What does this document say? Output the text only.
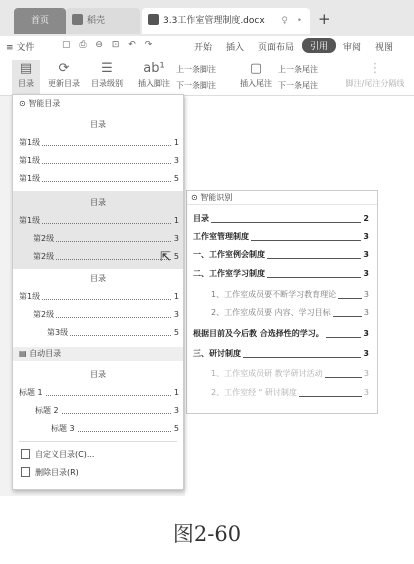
首页	稻壳	3.3工作室管理制度.docx ♀ • +
≡ 文件	▢ ⎙ ⊖ ⊡ ↶ ↷	开始 插入 页面布局	引用	审阅 视图
▤
目录
⟳
更新目录
☰
目录级别
ab¹
插入脚注
上一条脚注
下一条脚注
▢
插入尾注
上一条尾注
下一条尾注
⋮
脚注/尾注分隔线
⊙ 智能识别
目录	2
工作室管理制度	3
一、工作室例会制度	3
二、工作室学习制度	3
1、工作室成员要不断学习教育理论	3
2、工作室成员要 内容、学习目标	3
根据目前及今后教 合选择性的学习。	3
三、研讨制度	3
1、工作室成员研 教学研讨活动	3
2、工作室经 " 研讨制度	3
⊙ 智能目录
目录
第1级	1
第1级	3
第1级	5
目录
第1级	1
第2级	3
第2级	5
目录
第1级	1
第2级	3
第3级	5
▤ 自动目录
目录
标题 1	1
标题 2	3
标题 3	5
自定义目录(C)...
删除目录(R)
⇱
图2-60
